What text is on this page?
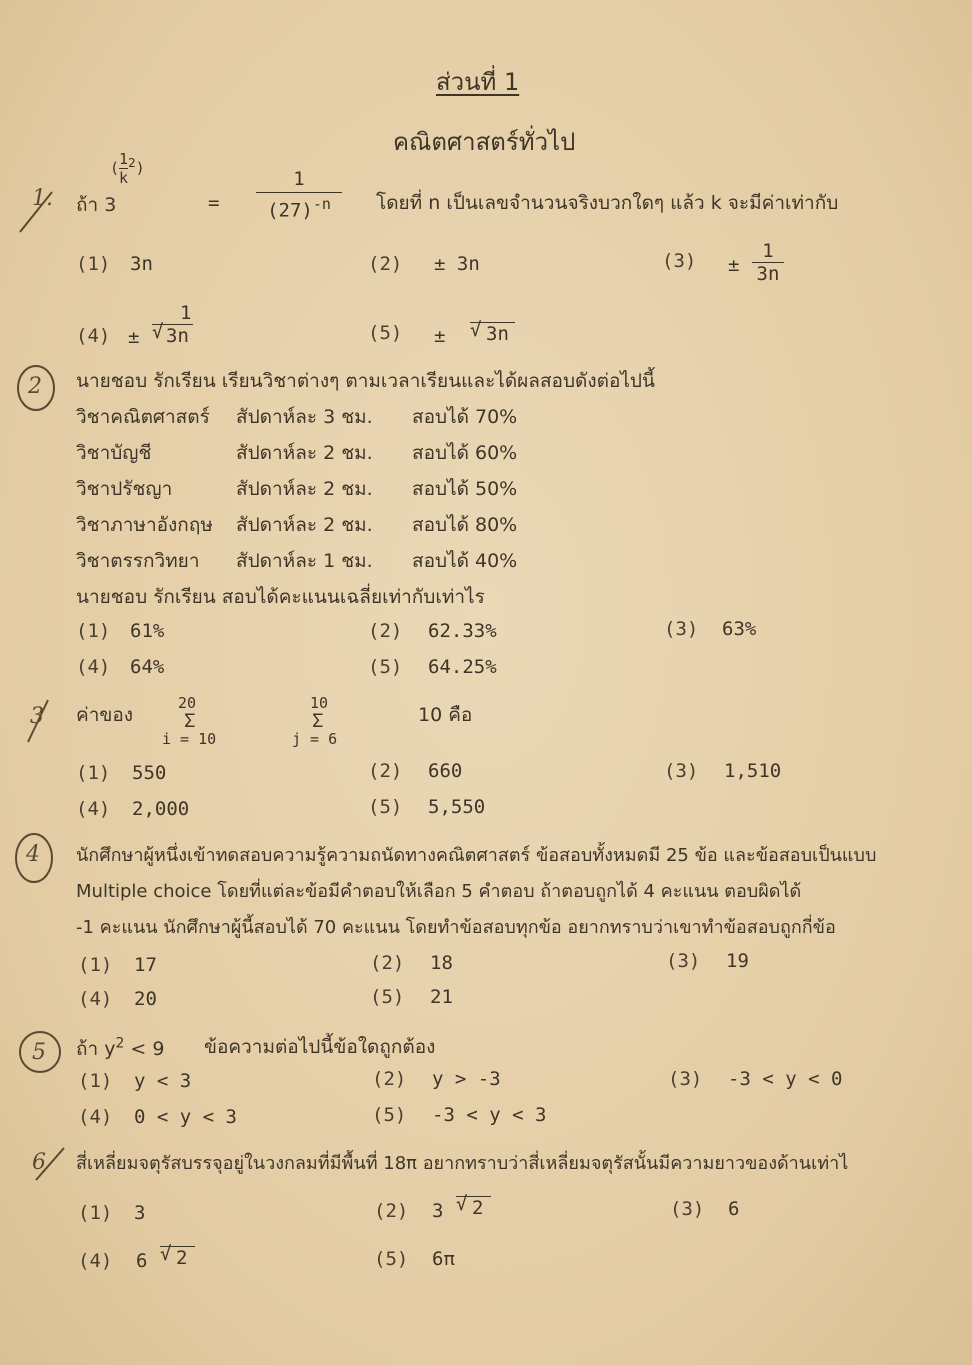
ส่วนที่ 1
คณิตศาสตร์ทั่วไป
1. ถ้า 3
( $\frac{1}{k} ^2$)
= $\frac{1}{(27)^{-n}}$ โดยที่ n เป็นเลขจำนวนจริงบวกใดๆ แล้ว k จะมีค่าเท่ากับ
(1) 3n	(2) ± 3n	(3) ±
1
3n
(4) ±
1
√ 3n	(5) ± √ 3n
2 นายชอบ รักเรียน เรียนวิชาต่างๆ ตามเวลาเรียนและได้ผลสอบดังต่อไปนี้
วิชาคณิตศาสตร์ สัปดาห์ละ 3 ชม. สอบได้ 70%
วิชาบัญชี	สัปดาห์ละ 2 ชม. สอบได้ 60%
วิชาปรัชญา	สัปดาห์ละ 2 ชม. สอบได้ 50%
วิชาภาษาอังกฤษ สัปดาห์ละ 2 ชม. สอบได้ 80%
วิชาตรรกวิทยา สัปดาห์ละ 1 ชม. สอบได้ 40%
นายชอบ รักเรียน สอบได้คะแนนเฉลี่ยเท่ากับเท่าไร
(1) 61%	(2) 62.33%	(3) 63%
(4) 64%	(5) 64.25%
3 ค่าของ
20
Σ
i = 10
10
Σ
j = 6
10 คือ
(1) 550	(2) 660	(3) 1,510
(4) 2,000	(5) 5,550
4 นักศึกษาผู้หนึ่งเข้าทดสอบความรู้ความถนัดทางคณิตศาสตร์ ข้อสอบทั้งหมดมี 25 ข้อ และข้อสอบเป็นแบบ
Multiple choice โดยที่แต่ละข้อมีคำตอบให้เลือก 5 คำตอบ ถ้าตอบถูกได้ 4 คะแนน ตอบผิดได้
-1 คะแนน นักศึกษาผู้นี้สอบได้ 70 คะแนน โดยทำข้อสอบทุกข้อ อยากทราบว่าเขาทำข้อสอบถูกกี่ข้อ
(1) 17	(2) 18	(3) 19
(4) 20	(5) 21
5 ถ้า $y^2 < 9$ ข้อความต่อไปนี้ข้อใดถูกต้อง
(1) y < 3	(2) y > -3	(3) -3 < y < 0
(4) 0 < y < 3	(5) -3 < y < 3
6 สี่เหลี่ยมจตุรัสบรรจุอยู่ในวงกลมที่มีพื้นที่ 18π อยากทราบว่าสี่เหลี่ยมจตุรัสนั้นมีความยาวของด้านเท่าไ
(1) 3	(2) 3 √ 2	(3) 6
(4) 6 √ 2	(5) 6π
